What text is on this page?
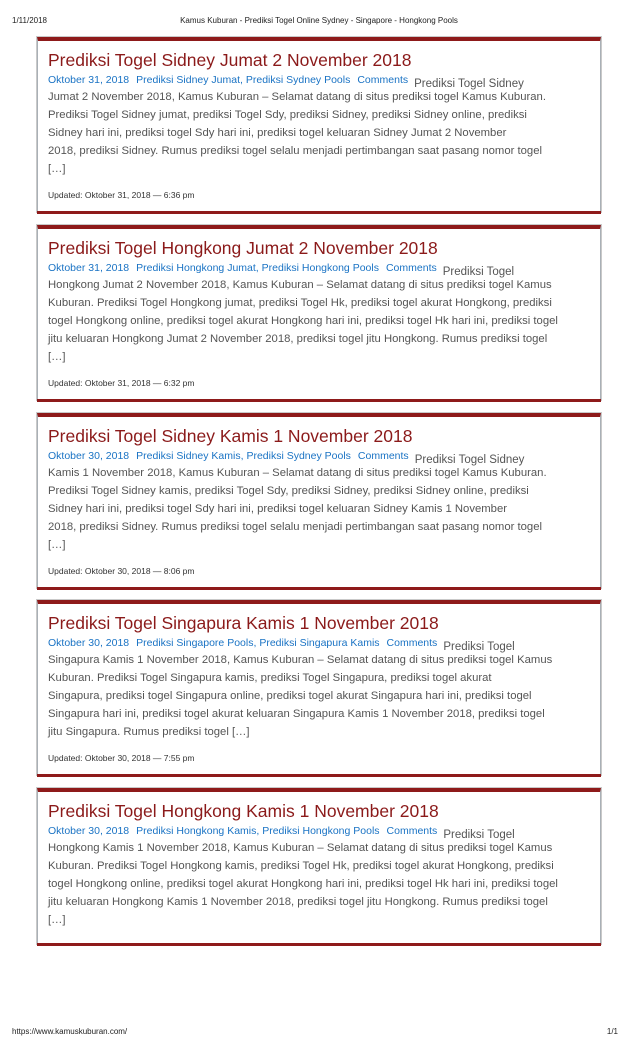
1/11/2018	Kamus Kuburan - Prediksi Togel Online Sydney - Singapore - Hongkong Pools
Prediksi Togel Sidney Jumat 2 November 2018
Oktober 31, 2018 Prediksi Sidney Jumat, Prediksi Sydney Pools Comments Prediksi Togel Sidney
Jumat 2 November 2018, Kamus Kuburan – Selamat datang di situs prediksi togel Kamus Kuburan.
Prediksi Togel Sidney jumat, prediksi Togel Sdy, prediksi Sidney, prediksi Sidney online, prediksi
Sidney hari ini, prediksi togel Sdy hari ini, prediksi togel keluaran Sidney Jumat 2 November
2018, prediksi Sidney. Rumus prediksi togel selalu menjadi pertimbangan saat pasang nomor togel
[…]
Updated: Oktober 31, 2018 — 6:36 pm
Prediksi Togel Hongkong Jumat 2 November 2018
Oktober 31, 2018 Prediksi Hongkong Jumat, Prediksi Hongkong Pools Comments Prediksi Togel
Hongkong Jumat 2 November 2018, Kamus Kuburan – Selamat datang di situs prediksi togel Kamus
Kuburan. Prediksi Togel Hongkong jumat, prediksi Togel Hk, prediksi togel akurat Hongkong, prediksi
togel Hongkong online, prediksi togel akurat Hongkong hari ini, prediksi togel Hk hari ini, prediksi togel
jitu keluaran Hongkong Jumat 2 November 2018, prediksi togel jitu Hongkong. Rumus prediksi togel
[…]
Updated: Oktober 31, 2018 — 6:32 pm
Prediksi Togel Sidney Kamis 1 November 2018
Oktober 30, 2018 Prediksi Sidney Kamis, Prediksi Sydney Pools Comments Prediksi Togel Sidney
Kamis 1 November 2018, Kamus Kuburan – Selamat datang di situs prediksi togel Kamus Kuburan.
Prediksi Togel Sidney kamis, prediksi Togel Sdy, prediksi Sidney, prediksi Sidney online, prediksi
Sidney hari ini, prediksi togel Sdy hari ini, prediksi togel keluaran Sidney Kamis 1 November
2018, prediksi Sidney. Rumus prediksi togel selalu menjadi pertimbangan saat pasang nomor togel
[…]
Updated: Oktober 30, 2018 — 8:06 pm
Prediksi Togel Singapura Kamis 1 November 2018
Oktober 30, 2018 Prediksi Singapore Pools, Prediksi Singapura Kamis Comments Prediksi Togel
Singapura Kamis 1 November 2018, Kamus Kuburan – Selamat datang di situs prediksi togel Kamus
Kuburan. Prediksi Togel Singapura kamis, prediksi Togel Singapura, prediksi togel akurat
Singapura, prediksi togel Singapura online, prediksi togel akurat Singapura hari ini, prediksi togel
Singapura hari ini, prediksi togel akurat keluaran Singapura Kamis 1 November 2018, prediksi togel
jitu Singapura. Rumus prediksi togel […]
Updated: Oktober 30, 2018 — 7:55 pm
Prediksi Togel Hongkong Kamis 1 November 2018
Oktober 30, 2018 Prediksi Hongkong Kamis, Prediksi Hongkong Pools Comments Prediksi Togel
Hongkong Kamis 1 November 2018, Kamus Kuburan – Selamat datang di situs prediksi togel Kamus
Kuburan. Prediksi Togel Hongkong kamis, prediksi Togel Hk, prediksi togel akurat Hongkong, prediksi
togel Hongkong online, prediksi togel akurat Hongkong hari ini, prediksi togel Hk hari ini, prediksi togel
jitu keluaran Hongkong Kamis 1 November 2018, prediksi togel jitu Hongkong. Rumus prediksi togel
[…]
https://www.kamuskuburan.com/	1/1
